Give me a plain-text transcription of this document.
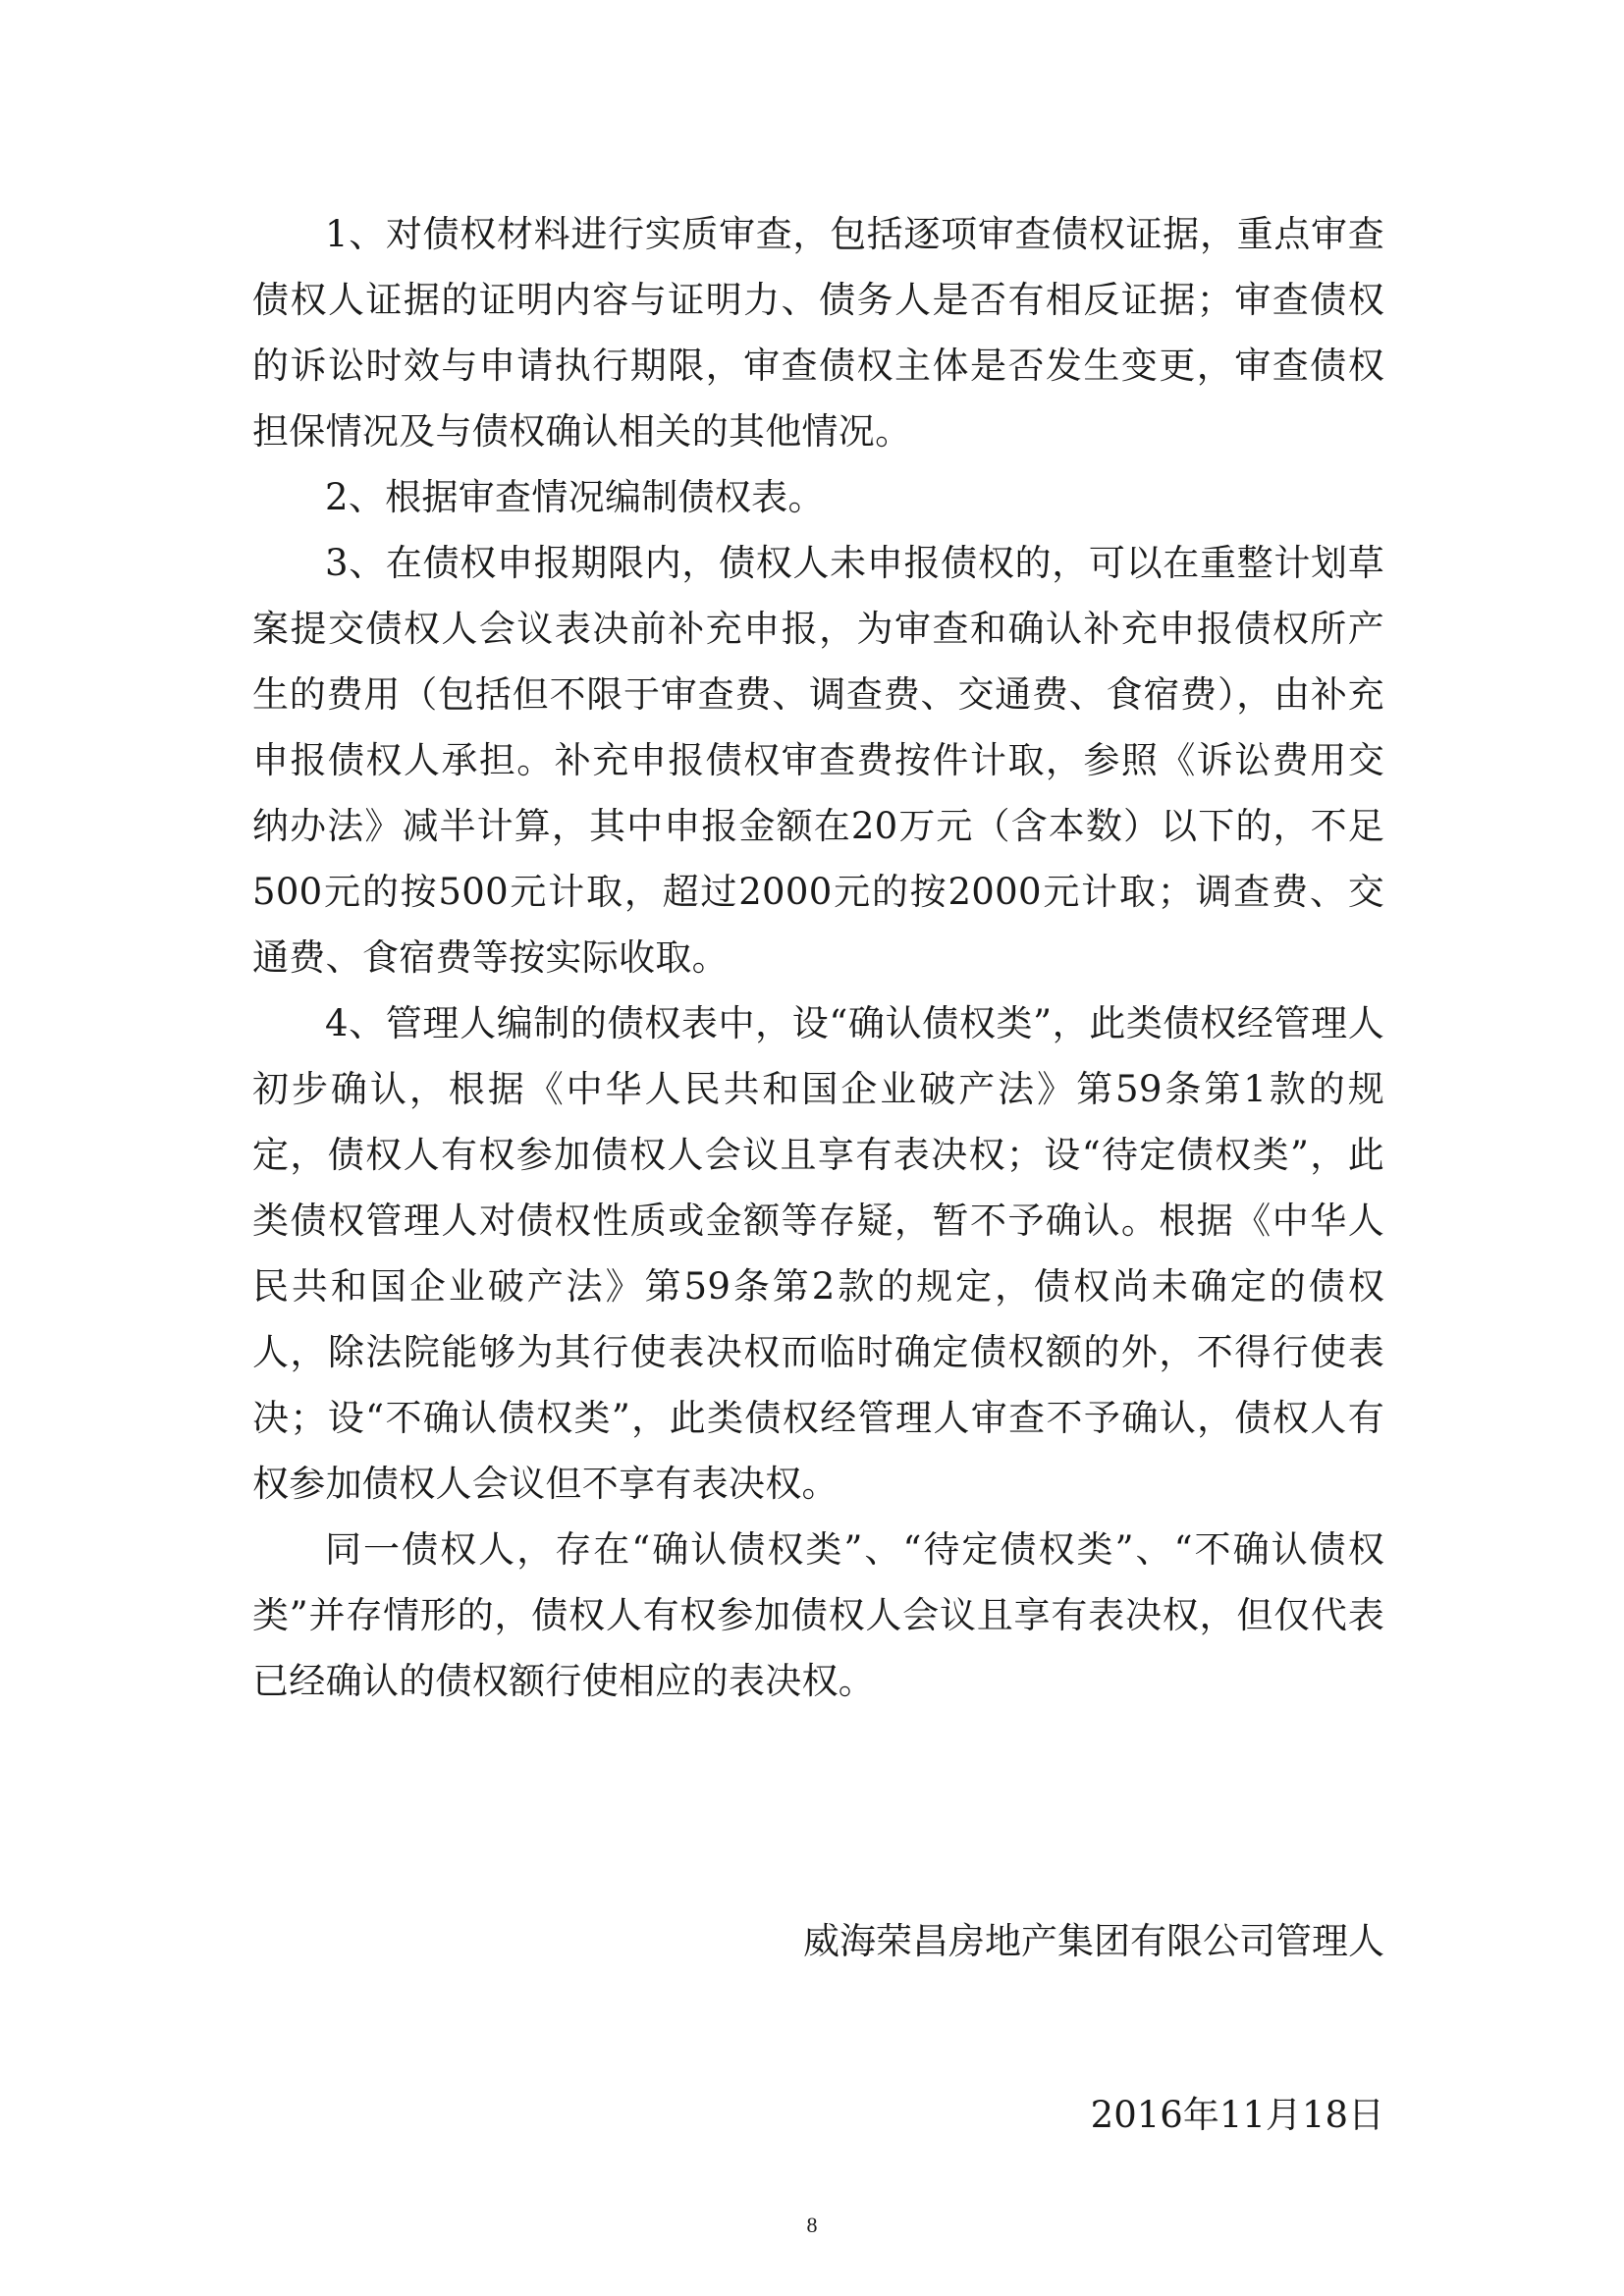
1、对债权材料进行实质审查，包括逐项审查债权证据，重点审查债权人证据的证明内容与证明力、债务人是否有相反证据；审查债权的诉讼时效与申请执行期限，审查债权主体是否发生变更，审查债权担保情况及与债权确认相关的其他情况。

2、根据审查情况编制债权表。

3、在债权申报期限内，债权人未申报债权的，可以在重整计划草案提交债权人会议表决前补充申报，为审查和确认补充申报债权所产生的费用（包括但不限于审查费、调查费、交通费、食宿费），由补充申报债权人承担。补充申报债权审查费按件计取，参照《诉讼费用交纳办法》减半计算，其中申报金额在20万元（含本数）以下的，不足500元的按500元计取，超过2000元的按2000元计取；调查费、交通费、食宿费等按实际收取。

4、管理人编制的债权表中，设“确认债权类”，此类债权经管理人初步确认，根据《中华人民共和国企业破产法》第59条第1款的规定，债权人有权参加债权人会议且享有表决权；设“待定债权类”，此类债权管理人对债权性质或金额等存疑，暂不予确认。根据《中华人民共和国企业破产法》第59条第2款的规定，债权尚未确定的债权人，除法院能够为其行使表决权而临时确定债权额的外，不得行使表决；设“不确认债权类”，此类债权经管理人审查不予确认，债权人有权参加债权人会议但不享有表决权。

同一债权人，存在“确认债权类”、“待定债权类”、“不确认债权类”并存情形的，债权人有权参加债权人会议且享有表决权，但仅代表已经确认的债权额行使相应的表决权。

威海荣昌房地产集团有限公司管理人
2016年11月18日
8
